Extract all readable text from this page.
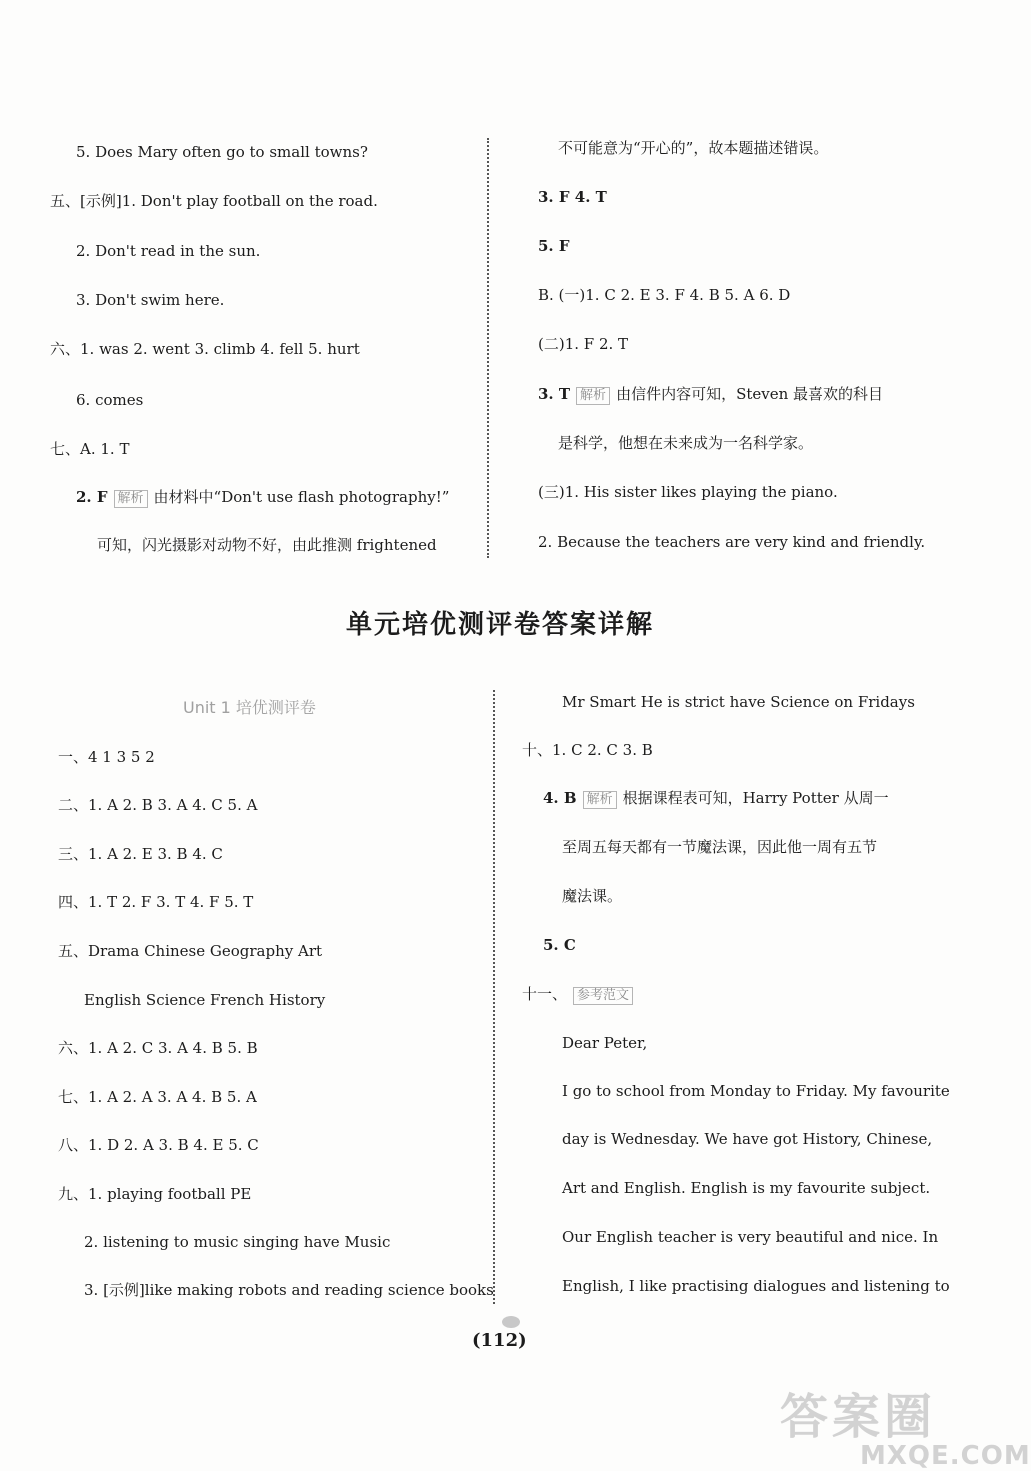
5. Does Mary often go to small towns?
五、[示例]1. Don't play football on the road.
2. Don't read in the sun.
3. Don't swim here.
六、1. was 2. went 3. climb 4. fell 5. hurt
6. comes
七、A. 1. T
2. F 解析 由材料中“Don't use flash photography!”
可知，闪光摄影对动物不好，由此推测 frightened
不可能意为“开心的”，故本题描述错误。
3. F 4. T
5. F
B. (一)1. C 2. E 3. F 4. B 5. A 6. D
(二)1. F 2. T
3. T 解析 由信件内容可知，Steven 最喜欢的科目
是科学，他想在未来成为一名科学家。
(三)1. His sister likes playing the piano.
2. Because the teachers are very kind and friendly.
单元培优测评卷答案详解
Unit 1 培优测评卷
一、4 1 3 5 2
二、1. A 2. B 3. A 4. C 5. A
三、1. A 2. E 3. B 4. C
四、1. T 2. F 3. T 4. F 5. T
五、Drama Chinese Geography Art
English Science French History
六、1. A 2. C 3. A 4. B 5. B
七、1. A 2. A 3. A 4. B 5. A
八、1. D 2. A 3. B 4. E 5. C
九、1. playing football PE
2. listening to music singing have Music
3. [示例]like making robots and reading science books
Mr Smart He is strict have Science on Fridays
十、1. C 2. C 3. B
4. B 解析 根据课程表可知，Harry Potter 从周一
至周五每天都有一节魔法课，因此他一周有五节
魔法课。
5. C
十一、 参考范文
Dear Peter,
I go to school from Monday to Friday. My favourite
day is Wednesday. We have got History, Chinese,
Art and English. English is my favourite subject.
Our English teacher is very beautiful and nice. In
English, I like practising dialogues and listening to
(112)
答案圈
MXQE.COM
